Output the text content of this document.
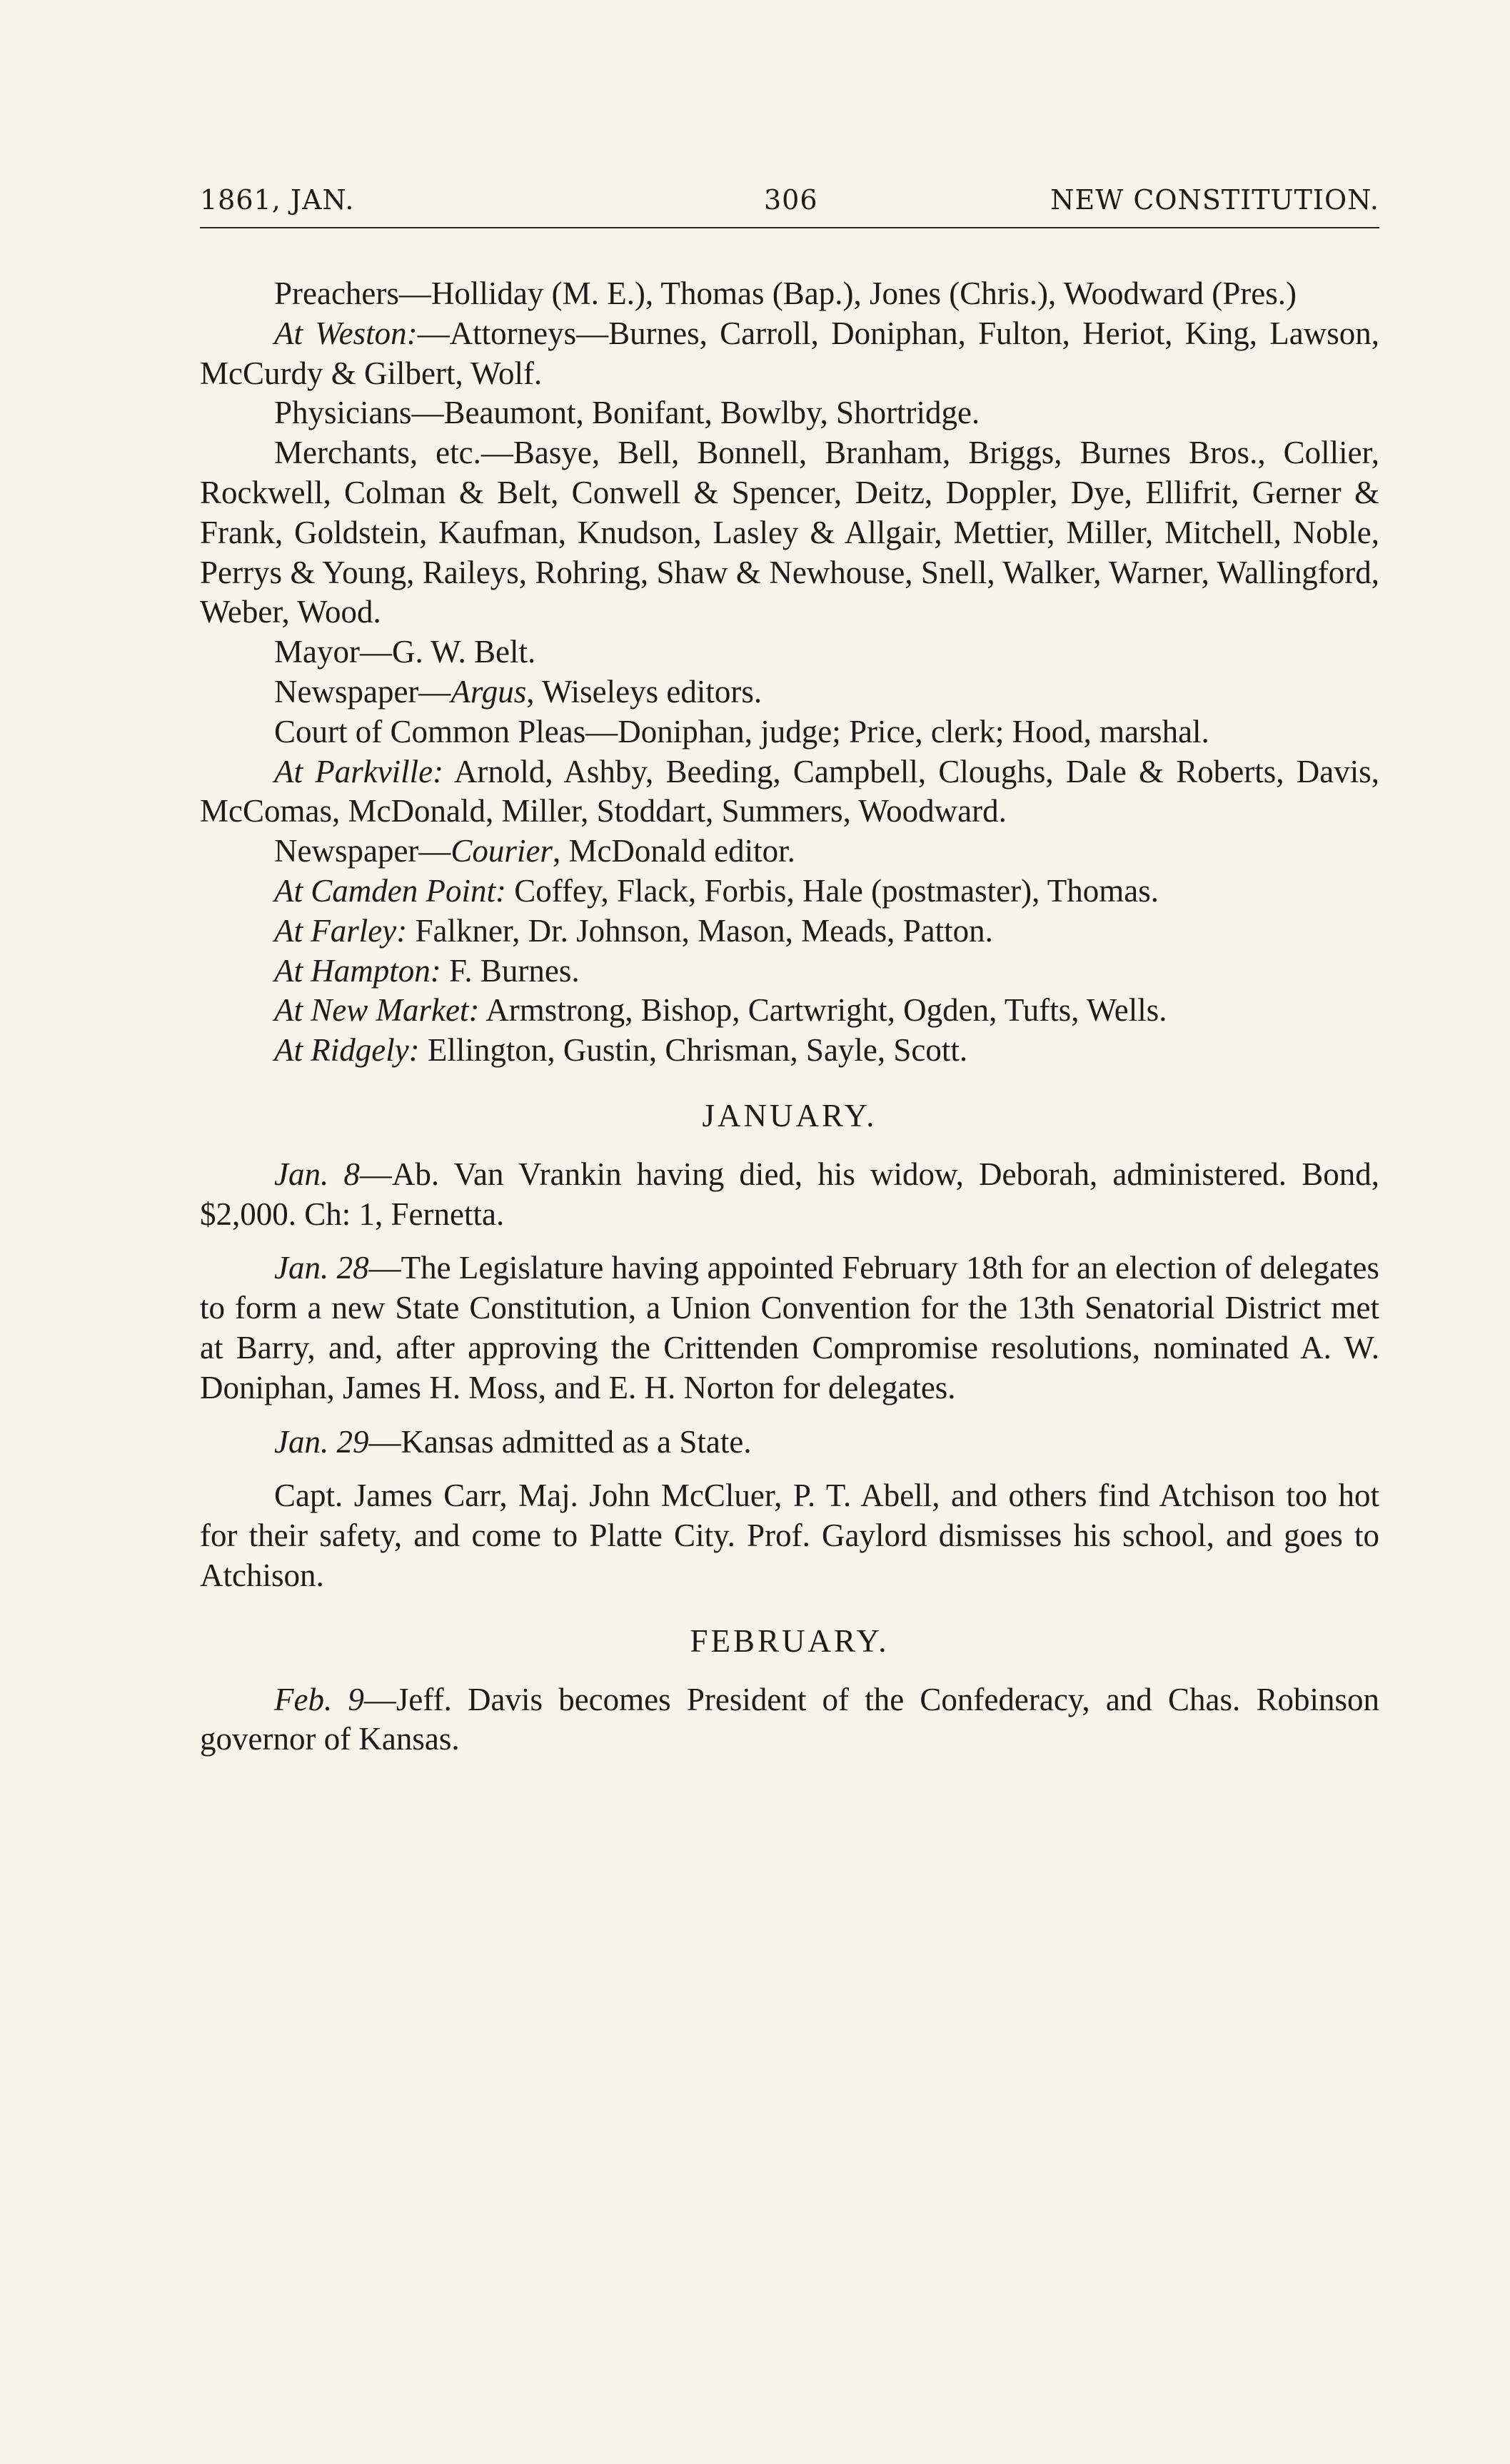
1861, JAN.	306	NEW CONSTITUTION.

Preachers—Holliday (M. E.), Thomas (Bap.), Jones (Chris.), Woodward (Pres.)

At Weston:—Attorneys—Burnes, Carroll, Doniphan, Fulton, Heriot, King, Lawson, McCurdy & Gilbert, Wolf.

Physicians—Beaumont, Bonifant, Bowlby, Shortridge.

Merchants, etc.—Basye, Bell, Bonnell, Branham, Briggs, Burnes Bros., Collier, Rockwell, Colman & Belt, Conwell & Spencer, Deitz, Doppler, Dye, Ellifrit, Gerner & Frank, Goldstein, Kaufman, Knudson, Lasley & Allgair, Mettier, Miller, Mitchell, Noble, Perrys & Young, Raileys, Rohring, Shaw & Newhouse, Snell, Walker, Warner, Wallingford, Weber, Wood.

Mayor—G. W. Belt.

Newspaper—Argus, Wiseleys editors.

Court of Common Pleas—Doniphan, judge; Price, clerk; Hood, marshal.

At Parkville: Arnold, Ashby, Beeding, Campbell, Cloughs, Dale & Roberts, Davis, McComas, McDonald, Miller, Stoddart, Summers, Woodward.

Newspaper—Courier, McDonald editor.

At Camden Point: Coffey, Flack, Forbis, Hale (postmaster), Thomas.

At Farley: Falkner, Dr. Johnson, Mason, Meads, Patton.

At Hampton: F. Burnes.

At New Market: Armstrong, Bishop, Cartwright, Ogden, Tufts, Wells.

At Ridgely: Ellington, Gustin, Chrisman, Sayle, Scott.

JANUARY.

Jan. 8—Ab. Van Vrankin having died, his widow, Deborah, administered. Bond, $2,000. Ch: 1, Fernetta.

Jan. 28—The Legislature having appointed February 18th for an election of delegates to form a new State Constitution, a Union Convention for the 13th Senatorial District met at Barry, and, after approving the Crittenden Compromise resolutions, nominated A. W. Doniphan, James H. Moss, and E. H. Norton for delegates.

Jan. 29—Kansas admitted as a State.

Capt. James Carr, Maj. John McCluer, P. T. Abell, and others find Atchison too hot for their safety, and come to Platte City. Prof. Gaylord dismisses his school, and goes to Atchison.

FEBRUARY.

Feb. 9—Jeff. Davis becomes President of the Confederacy, and Chas. Robinson governor of Kansas.
